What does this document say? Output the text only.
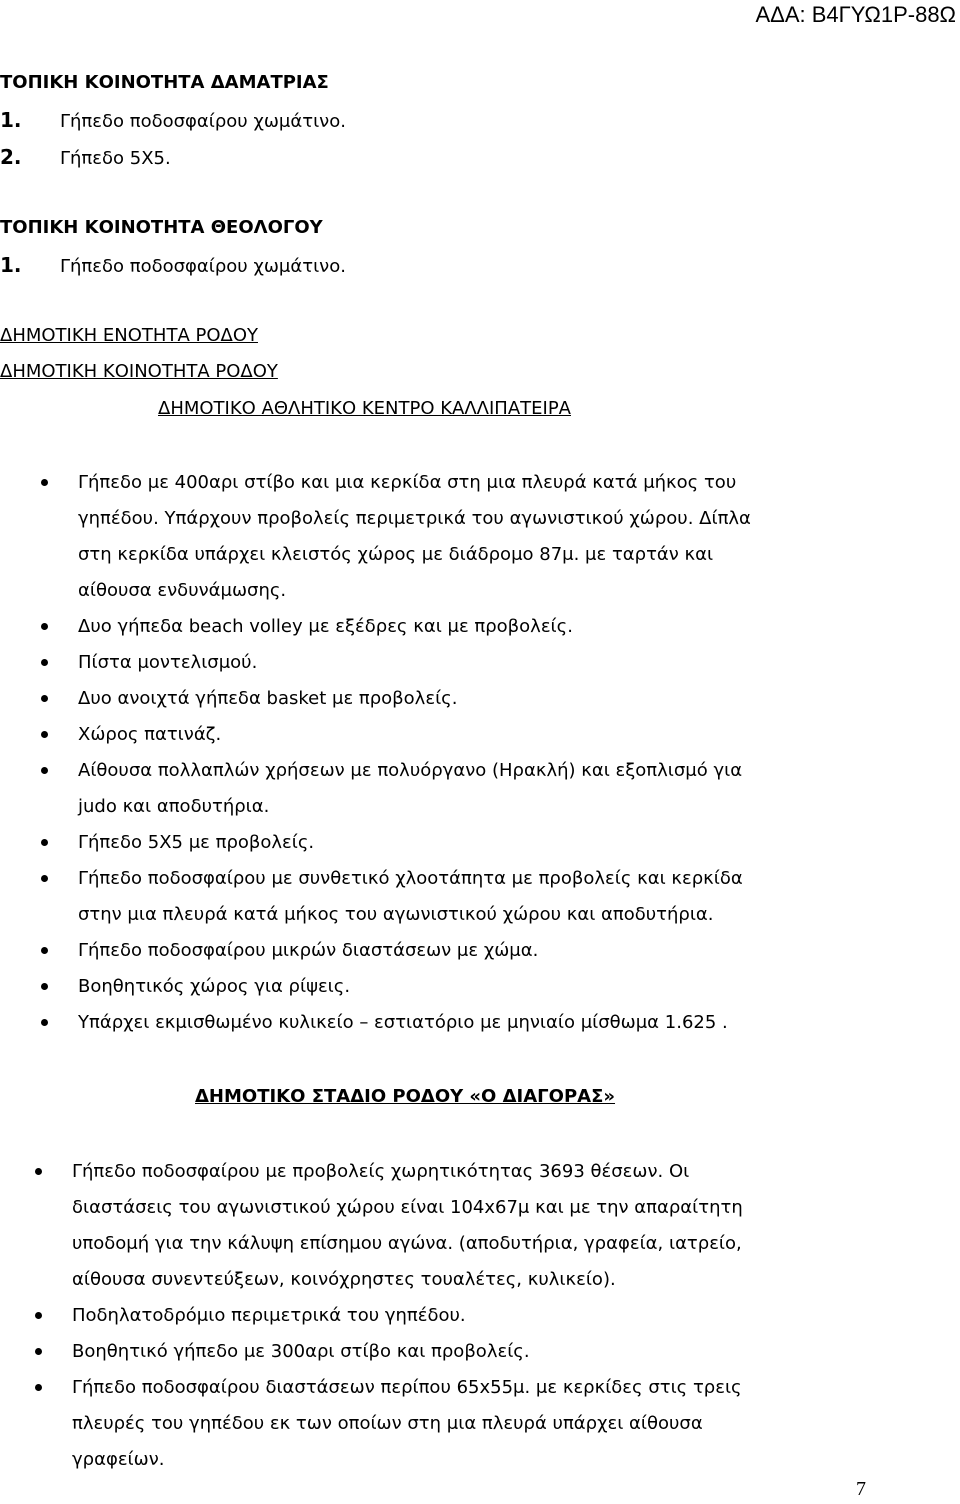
ΑΔΑ: Β4ΓΥΩ1Ρ-88Ω
ΤΟΠΙΚΗ ΚΟΙΝΟΤΗΤΑ ΔΑΜΑΤΡΙΑΣ
1. Γήπεδο ποδοσφαίρου χωμάτινο.
2. Γήπεδο 5Χ5.
ΤΟΠΙΚΗ ΚΟΙΝΟΤΗΤΑ ΘΕΟΛΟΓΟΥ
1. Γήπεδο ποδοσφαίρου χωμάτινο.
ΔΗΜΟΤΙΚΗ ΕΝΟΤΗΤΑ ΡΟΔΟΥ
ΔΗΜΟΤΙΚΗ ΚΟΙΝΟΤΗΤΑ ΡΟΔΟΥ
ΔΗΜΟΤΙΚΟ ΑΘΛΗΤΙΚΟ ΚΕΝΤΡΟ ΚΑΛΛΙΠΑΤΕΙΡΑ
Γήπεδο με 400αρι στίβο και μια κερκίδα στη μια πλευρά κατά μήκος του
γηπέδου. Υπάρχουν προβολείς περιμετρικά του αγωνιστικού χώρου. Δίπλα
στη κερκίδα υπάρχει κλειστός χώρος με διάδρομο 87μ. με ταρτάν και
αίθουσα ενδυνάμωσης.
Δυο γήπεδα beach volley με εξέδρες και με προβολείς.
Πίστα μοντελισμού.
Δυο ανοιχτά γήπεδα basket με προβολείς.
Χώρος πατινάζ.
Αίθουσα πολλαπλών χρήσεων με πολυόργανο (Ηρακλή) και εξοπλισμό για
judo και αποδυτήρια.
Γήπεδο 5Χ5 με προβολείς.
Γήπεδο ποδοσφαίρου με συνθετικό χλοοτάπητα με προβολείς και κερκίδα
στην μια πλευρά κατά μήκος του αγωνιστικού χώρου και αποδυτήρια.
Γήπεδο ποδοσφαίρου μικρών διαστάσεων με χώμα.
Βοηθητικός χώρος για ρίψεις.
Υπάρχει εκμισθωμένο κυλικείο – εστιατόριο με μηνιαίο μίσθωμα 1.625 .
ΔΗΜΟΤΙΚΟ ΣΤΑΔΙΟ ΡΟΔΟΥ «Ο ΔΙΑΓΟΡΑΣ»
Γήπεδο ποδοσφαίρου με προβολείς χωρητικότητας 3693 θέσεων. Οι
διαστάσεις του αγωνιστικού χώρου είναι 104x67μ και με την απαραίτητη
υποδομή για την κάλυψη επίσημου αγώνα. (αποδυτήρια, γραφεία, ιατρείο,
αίθουσα συνεντεύξεων, κοινόχρηστες τουαλέτες, κυλικείο).
Ποδηλατοδρόμιο περιμετρικά του γηπέδου.
Βοηθητικό γήπεδο με 300αρι στίβο και προβολείς.
Γήπεδο ποδοσφαίρου διαστάσεων περίπου 65x55μ. με κερκίδες στις τρεις
πλευρές του γηπέδου εκ των οποίων στη μια πλευρά υπάρχει αίθουσα
γραφείων.
7
